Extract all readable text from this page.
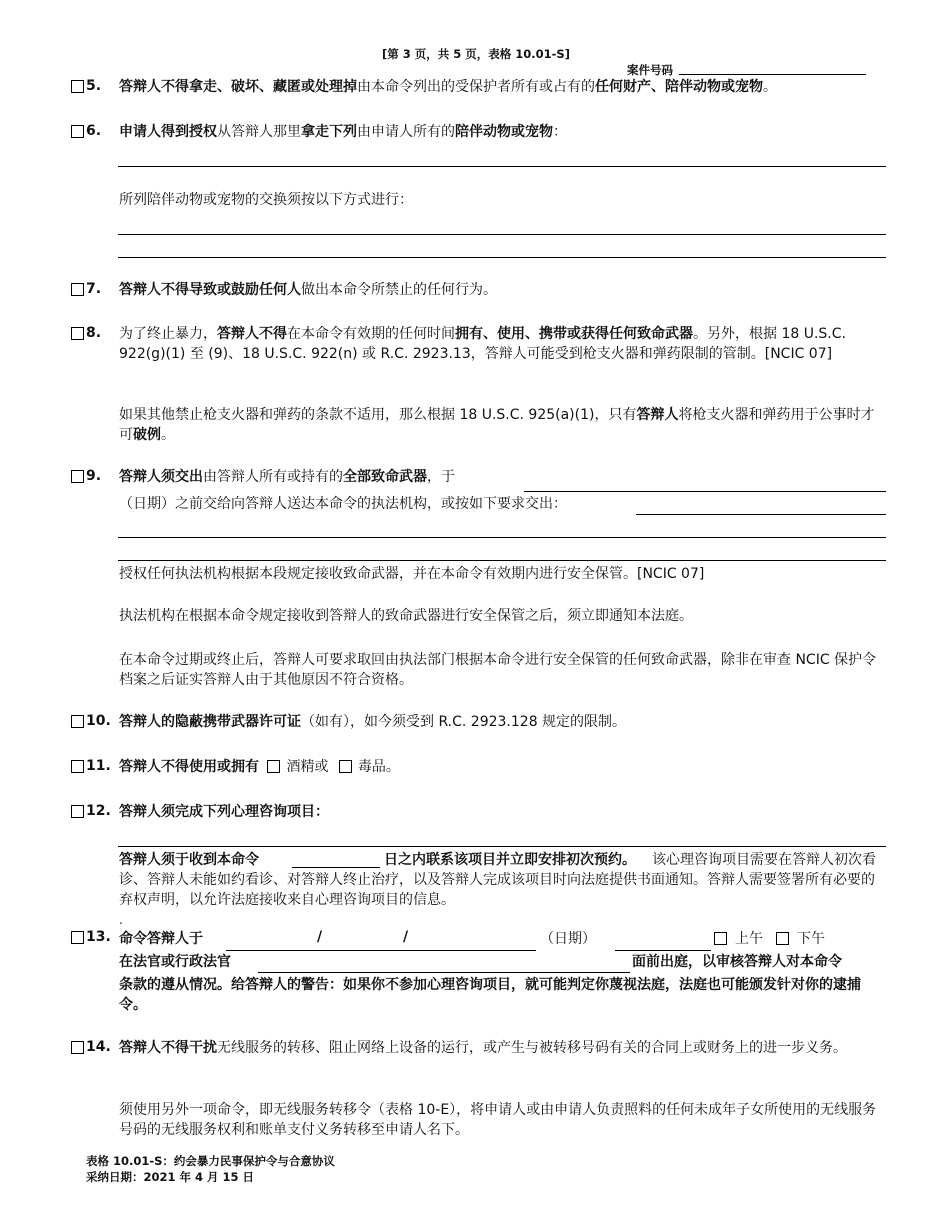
[第 3 页，共 5 页，表格 10.01-S]
案件号码
5. 答辩人不得拿走、破坏、藏匿或处理掉由本命令列出的受保护者所有或占有的任何财产、陪伴动物或宠物。
6. 申请人得到授权从答辩人那里拿走下列由申请人所有的陪伴动物或宠物：
所列陪伴动物或宠物的交换须按以下方式进行：
7. 答辩人不得导致或鼓励任何人做出本命令所禁止的任何行为。
8. 为了终止暴力，答辩人不得在本命令有效期的任何时间拥有、使用、携带或获得任何致命武器。另外，根据 18 U.S.C. 922(g)(1) 至 (9)、18 U.S.C. 922(n) 或 R.C. 2923.13，答辩人可能受到枪支火器和弹药限制的管制。[NCIC 07]
如果其他禁止枪支火器和弹药的条款不适用，那么根据 18 U.S.C. 925(a)(1)，只有答辩人将枪支火器和弹药用于公事时才可破例。
9. 答辩人须交出由答辩人所有或持有的全部致命武器，于
（日期）之前交给向答辩人送达本命令的执法机构，或按如下要求交出：
授权任何执法机构根据本段规定接收致命武器，并在本命令有效期内进行安全保管。[NCIC 07]
执法机构在根据本命令规定接收到答辩人的致命武器进行安全保管之后，须立即通知本法庭。
在本命令过期或终止后，答辩人可要求取回由执法部门根据本命令进行安全保管的任何致命武器，除非在审查 NCIC 保护令档案之后证实答辩人由于其他原因不符合资格。
10. 答辩人的隐蔽携带武器许可证（如有），如今须受到 R.C. 2923.128 规定的限制。
11. 答辩人不得使用或拥有 酒精或 毒品。
12. 答辩人须完成下列心理咨询项目：
答辩人须于收到本命令	日之内联系该项目并立即安排初次预约。	该心理咨询项目需要在答辩人初次看诊、答辩人未能如约看诊、对答辩人终止治疗，以及答辩人完成该项目时向法庭提供书面通知。答辩人需要签署所有必要的弃权声明，以允许法庭接收来自心理咨询项目的信息。
.
13. 命令答辩人于	/	/	（日期）	上午 下午
在法官或行政法官	面前出庭，以审核答辩人对本命令
条款的遵从情况。给答辩人的警告：如果你不参加心理咨询项目，就可能判定你蔑视法庭，法庭也可能颁发针对你的逮捕令。
14. 答辩人不得干扰无线服务的转移、阻止网络上设备的运行，或产生与被转移号码有关的合同上或财务上的进一步义务。
须使用另外一项命令，即无线服务转移令（表格 10-E），将申请人或由申请人负责照料的任何未成年子女所使用的无线服务号码的无线服务权利和账单支付义务转移至申请人名下。
表格 10.01-S：约会暴力民事保护令与合意协议
采纳日期：2021 年 4 月 15 日
